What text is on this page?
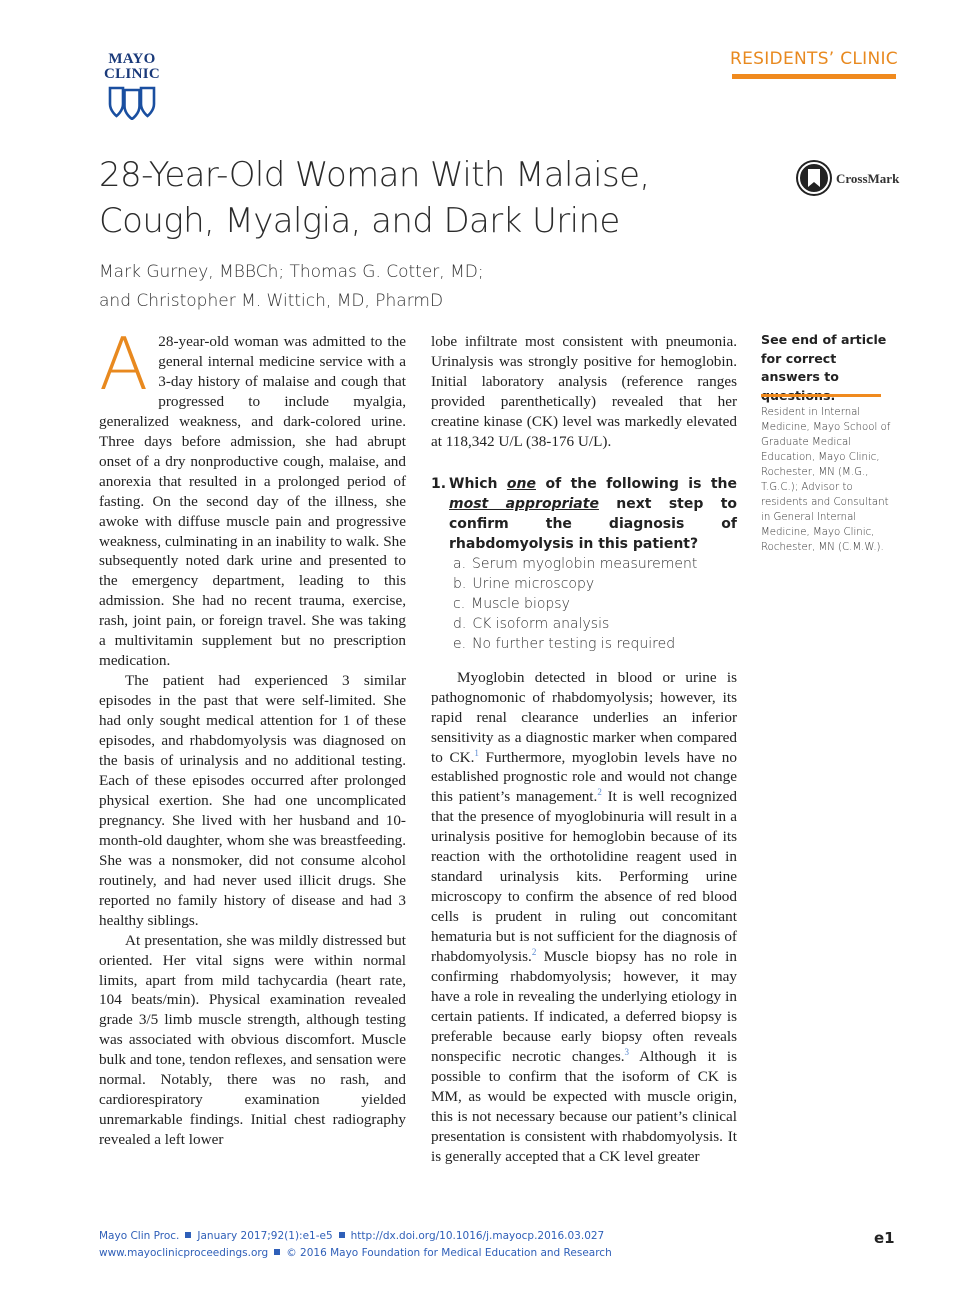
MAYO
CLINIC
RESIDENTS’ CLINIC
28-Year-Old Woman With Malaise, Cough, Myalgia, and Dark Urine
CrossMark
Mark Gurney, MBBCh; Thomas G. Cotter, MD;
and Christopher M. Wittich, MD, PharmD

A 28-year-old woman was admitted to the general internal medicine service with a 3-day history of malaise and cough that progressed to include myalgia, generalized weakness, and dark-colored urine. Three days before admission, she had abrupt onset of a dry nonproductive cough, malaise, and anorexia that resulted in a prolonged period of fasting. On the second day of the illness, she awoke with diffuse muscle pain and progressive weakness, culminating in an inability to walk. She subsequently noted dark urine and presented to the emergency department, leading to this admission. She had no recent trauma, exercise, rash, joint pain, or foreign travel. She was taking a multivitamin supplement but no prescription medication.

The patient had experienced 3 similar episodes in the past that were self-limited. She had only sought medical attention for 1 of these episodes, and rhabdomyolysis was diagnosed on the basis of urinalysis and no additional testing. Each of these episodes occurred after prolonged physical exertion. She had one uncomplicated pregnancy. She lived with her husband and 10-month-old daughter, whom she was breastfeeding. She was a nonsmoker, did not consume alcohol routinely, and had never used illicit drugs. She reported no family history of disease and had 3 healthy siblings.

At presentation, she was mildly distressed but oriented. Her vital signs were within normal limits, apart from mild tachycardia (heart rate, 104 beats/min). Physical examination revealed grade 3/5 limb muscle strength, although testing was associated with obvious discomfort. Muscle bulk and tone, tendon reflexes, and sensation were normal. Notably, there was no rash, and cardiorespiratory examination yielded unremarkable findings. Initial chest radiography revealed a left lower

lobe infiltrate most consistent with pneumonia. Urinalysis was strongly positive for hemoglobin. Initial laboratory analysis (reference ranges provided parenthetically) revealed that her creatine kinase (CK) level was markedly elevated at 118,342 U/L (38-176 U/L).

1. Which one of the following is the most appropriate next step to confirm the diagnosis of rhabdomyolysis in this patient?
a. Serum myoglobin measurement
b. Urine microscopy
c. Muscle biopsy
d. CK isoform analysis
e. No further testing is required

Myoglobin detected in blood or urine is pathognomonic of rhabdomyolysis; however, its rapid renal clearance underlies an inferior sensitivity as a diagnostic marker when compared to CK.$^1$ Furthermore, myoglobin levels have no established prognostic role and would not change this patient’s management.$^2$ It is well recognized that the presence of myoglobinuria will result in a urinalysis positive for hemoglobin because of its reaction with the orthotolidine reagent used in standard urinalysis kits. Performing urine microscopy to confirm the absence of red blood cells is prudent in ruling out concomitant hematuria but is not sufficient for the diagnosis of rhabdomyolysis.$^2$ Muscle biopsy has no role in confirming rhabdomyolysis; however, it may have a role in revealing the underlying etiology in certain patients. If indicated, a deferred biopsy is preferable because early biopsy often reveals nonspecific necrotic changes.$^3$ Although it is possible to confirm that the isoform of CK is MM, as would be expected with muscle origin, this is not necessary because our patient’s clinical presentation is consistent with rhabdomyolysis. It is generally accepted that a CK level greater

See end of article for correct answers to
Resident in Internal Medicine, Mayo School of Graduate Medical Education, Mayo Clinic, Rochester, MN (M.G., T.G.C.); Advisor to residents and Consultant in General Internal Medicine, Mayo Clinic, Rochester, MN (C.M.W.).
Mayo Clin Proc. January 2017;92(1):e1-e5 http://dx.doi.org/10.1016/j.mayocp.2016.03.027
www.mayoclinicproceedings.org © 2016 Mayo Foundation for Medical Education and Research
e1
